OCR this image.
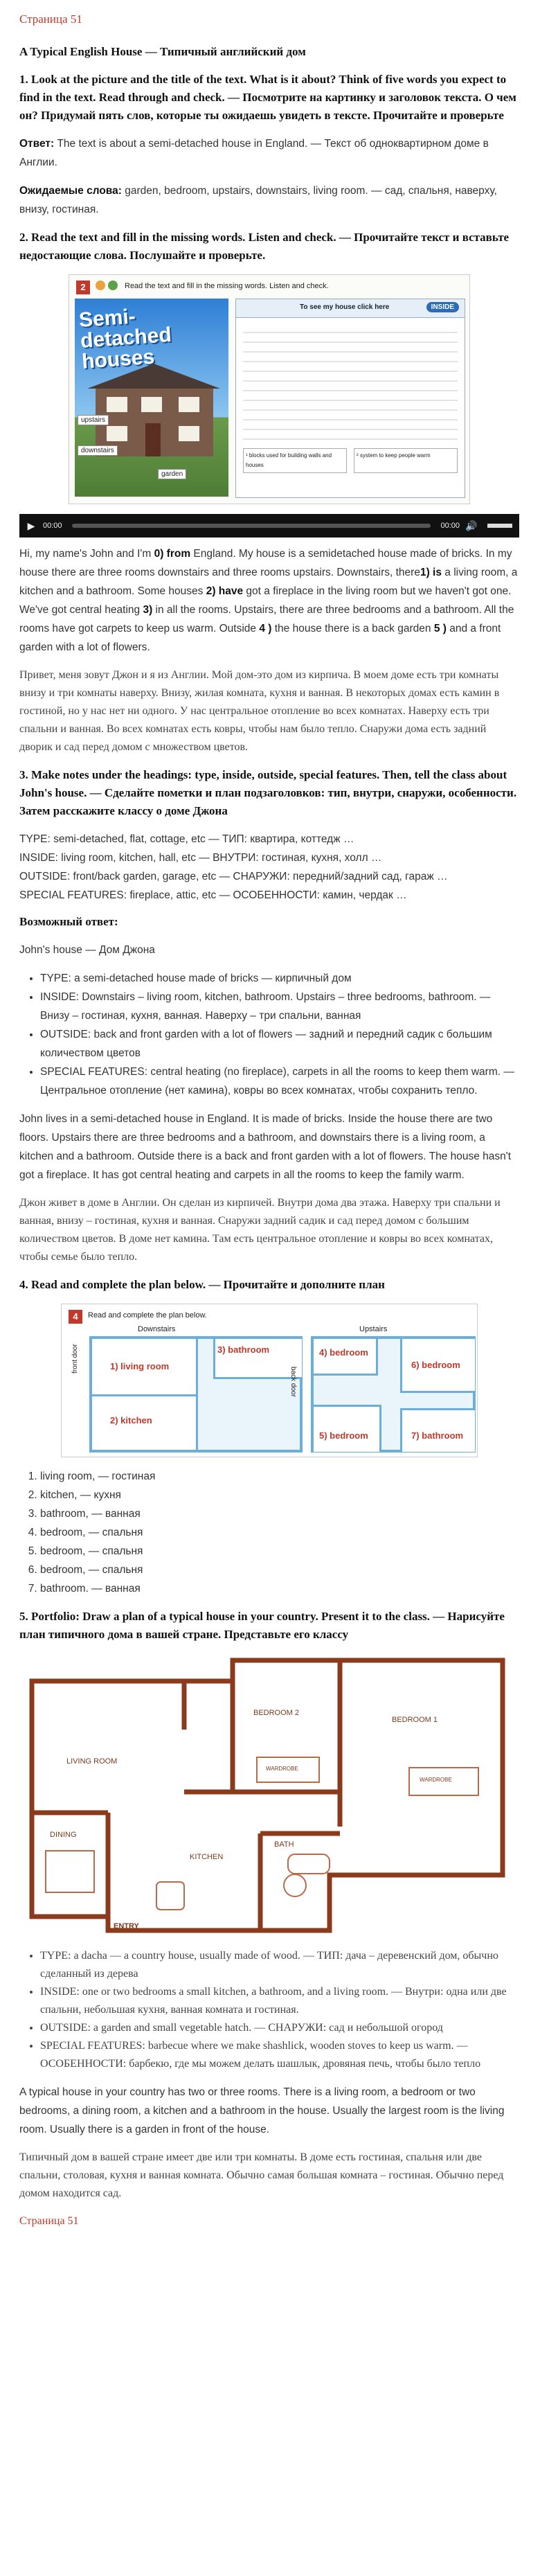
Страница 51
A Typical English House — Типичный английский дом
1. Look at the picture and the title of the text. What is it about? Think of five words you expect to find in the text. Read through and check. — Посмотрите на картинку и заголовок текста. О чем он? Придумай пять слов, которые ты ожидаешь увидеть в тексте. Прочитайте и проверьте

Ответ: The text is about a semi-detached house in England. — Текст об одноквартирном доме в Англии.

Ожидаемые слова: garden, bedroom, upstairs, downstairs, living room. — сад, спальня, наверху, внизу, гостиная.

2. Read the text and fill in the missing words. Listen and check. — Прочитайте текст и вставьте недостающие слова. Послушайте и проверьте.
2	Read the text and fill in the missing words. Listen and check.
Semi-detached houses
upstairs
downstairs
garden
To see my house click here	INSIDE
¹ blocks used for building walls and houses
² system to keep people warm
▶	00:00	00:00 🔊

Hi, my name's John and I'm 0) from England. My house is a semidetached house made of bricks. In my house there are three rooms downstairs and three rooms upstairs. Downstairs, there1) is a living room, a kitchen and a bathroom. Some houses 2) have got a fireplace in the living room but we haven't got one. We've got central heating 3) in all the rooms. Upstairs, there are three bedrooms and a bathroom. All the rooms have got carpets to keep us warm. Outside 4 ) the house there is a back garden 5 ) and a front garden with a lot of flowers.

Привет, меня зовут Джон и я из Англии. Мой дом-это дом из кирпича. В моем доме есть три комнаты внизу и три комнаты наверху. Внизу, жилая комната, кухня и ванная. В некоторых домах есть камин в гостиной, но у нас нет ни одного. У нас центральное отопление во всех комнатах. Наверху есть три спальни и ванная. Во всех комнатах есть ковры, чтобы нам было тепло. Снаружи дома есть задний дворик и сад перед домом с множеством цветов.

3. Make notes under the headings: type, inside, outside, special features. Then, tell the class about John's house. — Сделайте пометки и план подзаголовков: тип, внутри, снаружи, особенности. Затем расскажите классу о доме Джона

TYPE: semi-detached, flat, cottage, etc — ТИП: квартира, коттедж …
INSIDE: living room, kitchen, hall, etc — ВНУТРИ: гостиная, кухня, холл …
OUTSIDE: front/back garden, garage, etc — СНАРУЖИ: передний/задний сад, гараж …
SPECIAL FEATURES: fireplace, attic, etc — ОСОБЕННОСТИ: камин, чердак …

Возможный ответ:

John's house — Дом Джона

• TYPE: a semi-detached house made of bricks — кирпичный дом
• INSIDE: Downstairs – living room, kitchen, bathroom. Upstairs – three bedrooms, bathroom. — Внизу – гостиная, кухня, ванная. Наверху – три спальни, ванная
• OUTSIDE: back and front garden with a lot of flowers — задний и передний садик с большим количеством цветов
• SPECIAL FEATURES: central heating (no fireplace), carpets in all the rooms to keep them warm. — Центральное отопление (нет камина), ковры во всех комнатах, чтобы сохранить тепло.

John lives in a semi-detached house in England. It is made of bricks. Inside the house there are two floors. Upstairs there are three bedrooms and a bathroom, and downstairs there is a living room, a kitchen and a bathroom. Outside there is a back and front garden with a lot of flowers. The house hasn't got a fireplace. It has got central heating and carpets in all the rooms to keep the family warm.

Джон живет в доме в Англии. Он сделан из кирпичей. Внутри дома два этажа. Наверху три спальни и ванная, внизу – гостиная, кухня и ванная. Снаружи задний садик и сад перед домом с большим количеством цветов. В доме нет камина. Там есть центральное отопление и ковры во всех комнатах, чтобы семье было тепло.

4. Read and complete the plan below. — Прочитайте и дополните план
4	Read and complete the plan below.
Downstairs	Upstairs
front door
back door
1) living room
2) kitchen
3) bathroom	4) bedroom
6) bedroom
5) bedroom	7) bathroom
1. living room, — гостиная
2. kitchen, — кухня
3. bathroom, — ванная
4. bedroom, — спальня
5. bedroom, — спальня
6. bedroom, — спальня
7. bathroom. — ванная
5. Portfolio: Draw a plan of a typical house in your country. Present it to the class. — Нарисуйте план типичного дома в вашей стране. Представьте его классу
LIVING ROOM
BEDROOM 2
BEDROOM 1
DINING
KITCHEN
BATH
ENTRY
WARDROBE
WARDROBE
• TYPE: a dacha — a country house, usually made of wood. — ТИП: дача – деревенский дом, обычно сделанный из дерева
• INSIDE: one or two bedrooms a small kitchen, a bathroom, and a living room. — Внутри: одна или две спальни, небольшая кухня, ванная комната и гостиная.
• OUTSIDE: a garden and small vegetable hatch. — СНАРУЖИ: сад и небольшой огород
• SPECIAL FEATURES: barbecue where we make shashlick, wooden stoves to keep us warm. — ОСОБЕННОСТИ: барбекю, где мы можем делать шашлык, дровяная печь, чтобы было тепло

A typical house in your country has two or three rooms. There is a living room, a bedroom or two bedrooms, a dining room, a kitchen and a bathroom in the house. Usually the largest room is the living room. Usually there is a garden in front of the house.

Типичный дом в вашей стране имеет две или три комнаты. В доме есть гостиная, спальня или две спальни, столовая, кухня и ванная комната. Обычно самая большая комната – гостиная. Обычно перед домом находится сад.

Страница 51
